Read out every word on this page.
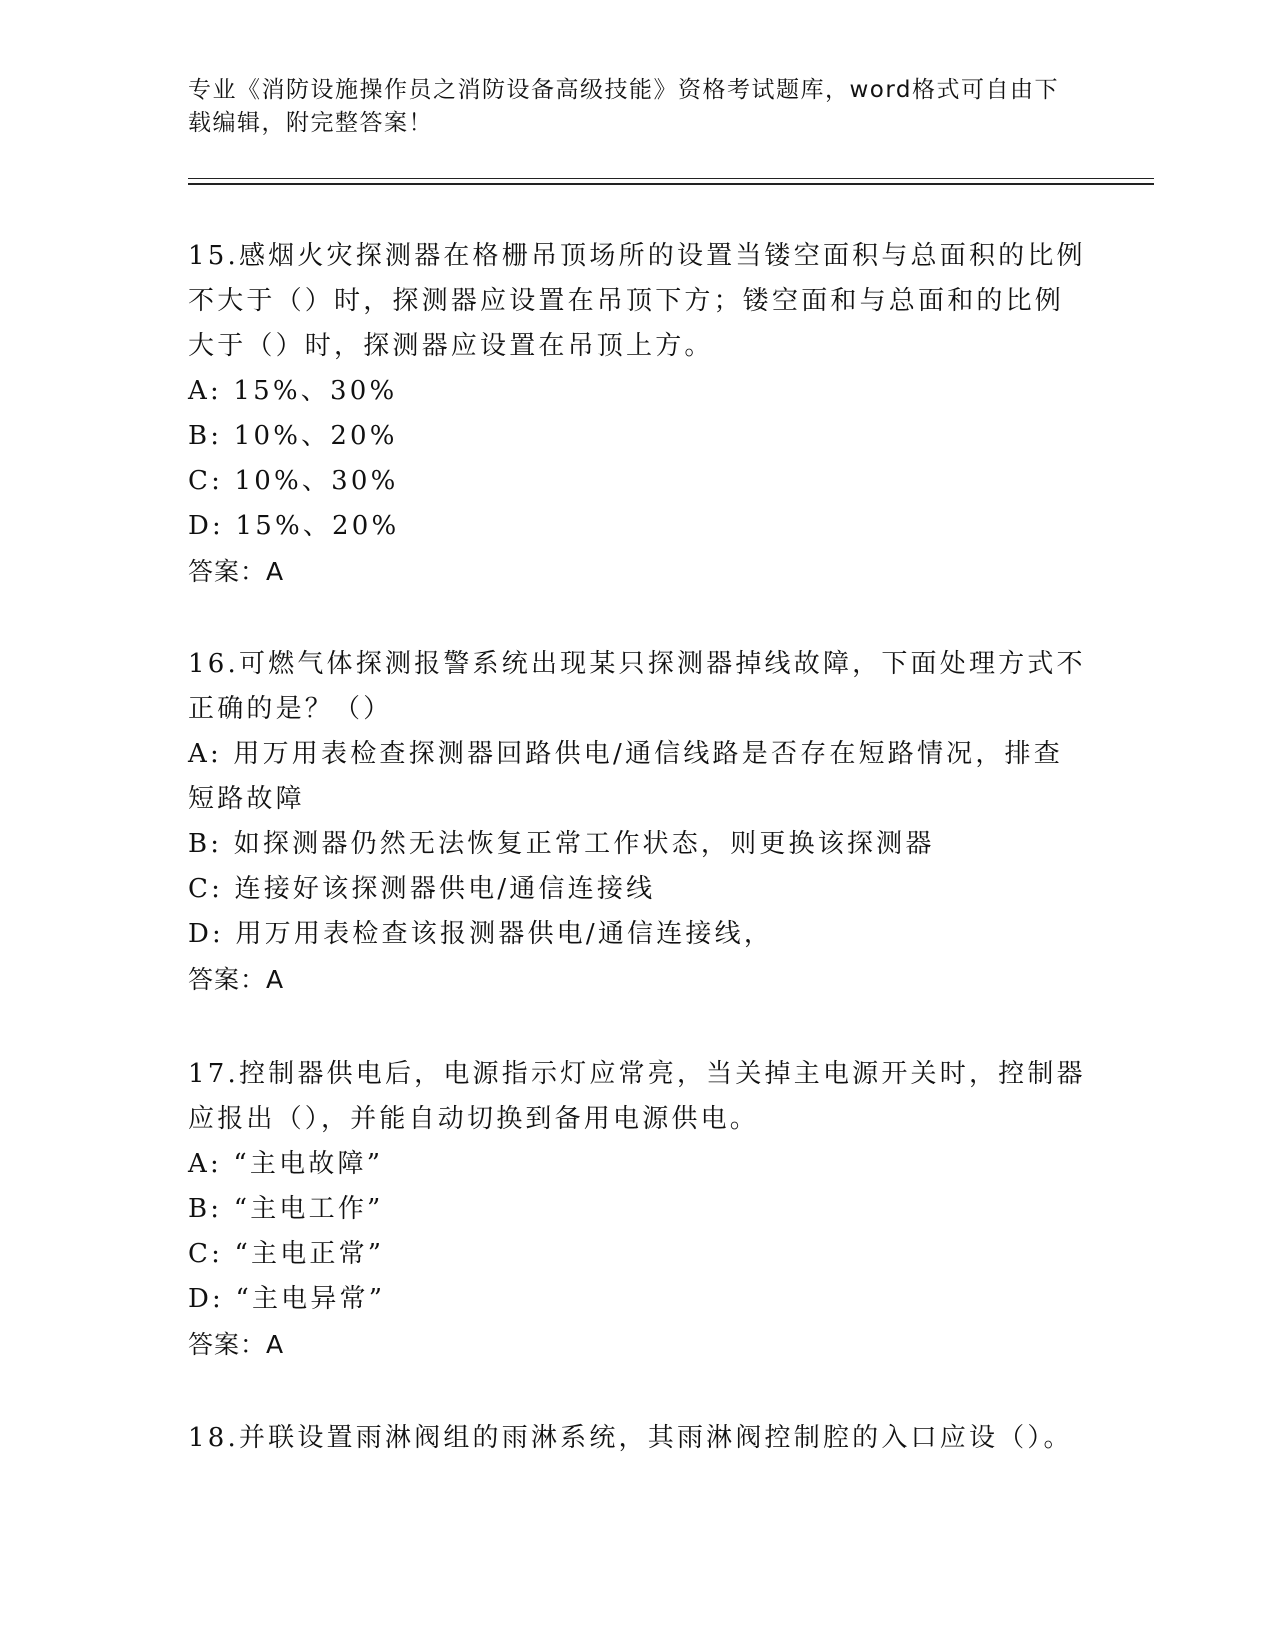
专业《消防设施操作员之消防设备高级技能》资格考试题库，word格式可自由下载编辑，附完整答案！

15.感烟火灾探测器在格栅吊顶场所的设置当镂空面积与总面积的比例不大于（）时，探测器应设置在吊顶下方；镂空面和与总面和的比例大于（）时，探测器应设置在吊顶上方。

A: 15%、30%

B: 10%、20%

C: 10%、30%

D: 15%、20%

答案：A

16.可燃气体探测报警系统出现某只探测器掉线故障，下面处理方式不正确的是？（）

A: 用万用表检查探测器回路供电/通信线路是否存在短路情况，排查短路故障

B: 如探测器仍然无法恢复正常工作状态，则更换该探测器

C: 连接好该探测器供电/通信连接线

D: 用万用表检查该报测器供电/通信连接线，

答案：A

17.控制器供电后，电源指示灯应常亮，当关掉主电源开关时，控制器应报出（），并能自动切换到备用电源供电。

A: “主电故障”

B: “主电工作”

C: “主电正常”

D: “主电异常”

答案：A

18.并联设置雨淋阀组的雨淋系统，其雨淋阀控制腔的入口应设（）。
